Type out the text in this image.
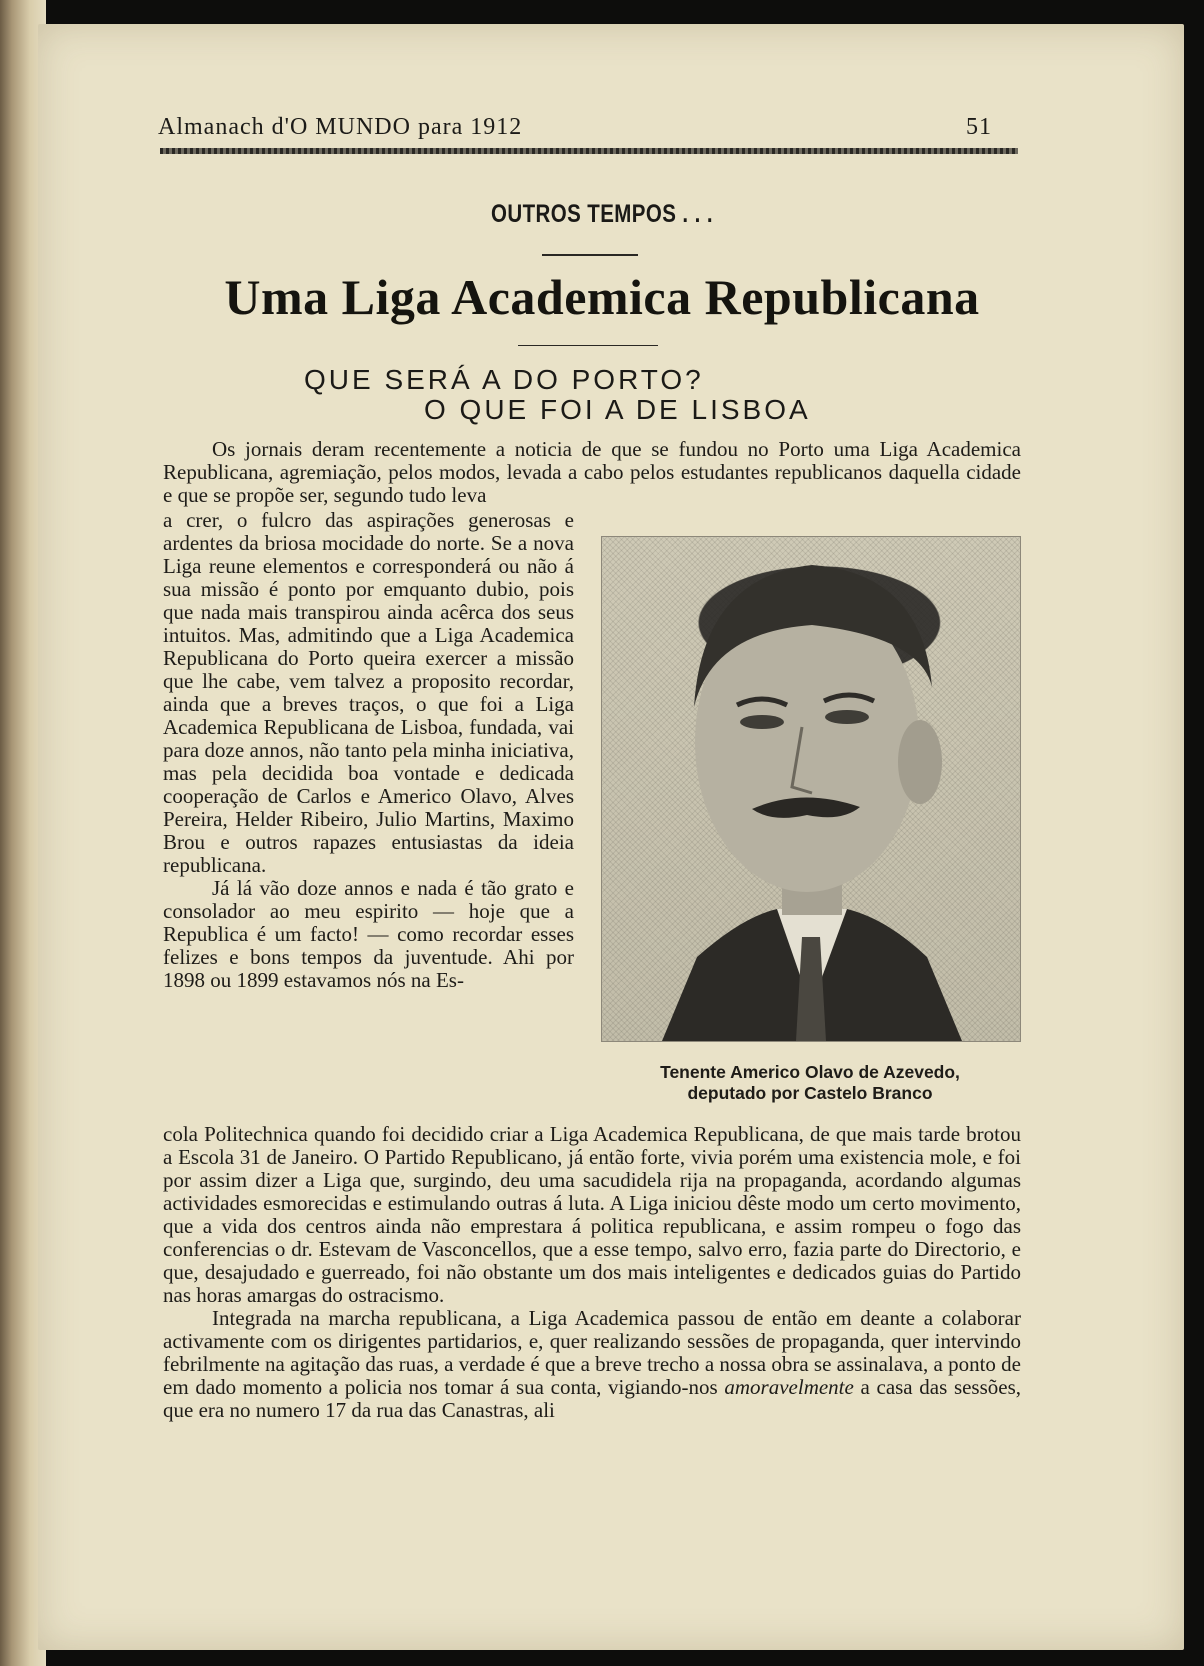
Almanach d'O MUNDO para 1912	51
OUTROS TEMPOS . . .
Uma Liga Academica Republicana
QUE SERÁ A DO PORTO?
O QUE FOI A DE LISBOA

Os jornais deram recentemente a noticia de que se fundou no Porto uma Liga Academica Republicana, agremiação, pelos modos, levada a cabo pelos estudantes republicanos daquella cidade e que se propõe ser, segundo tudo leva

a crer, o fulcro das aspirações generosas e ardentes da briosa mocidade do norte. Se a nova Liga reune elementos e corresponderá ou não á sua missão é ponto por emquanto dubio, pois que nada mais transpirou ainda acêrca dos seus intuitos. Mas, admitindo que a Liga Academica Republicana do Porto queira exercer a missão que lhe cabe, vem talvez a proposito recordar, ainda que a breves traços, o que foi a Liga Academica Republicana de Lisboa, fundada, vai para doze annos, não tanto pela minha iniciativa, mas pela decidida boa vontade e dedicada cooperação de Carlos e Americo Olavo, Alves Pereira, Helder Ribeiro, Julio Martins, Maximo Brou e outros rapazes entusiastas da ideia republicana.

Já lá vão doze annos e nada é tão grato e consolador ao meu espirito — hoje que a Republica é um facto! — como recordar esses felizes e bons tempos da juventude. Ahi por 1898 ou 1899 estavamos nós na Es-

Tenente Americo Olavo de Azevedo,
deputado por Castelo Branco

cola Politechnica quando foi decidido criar a Liga Academica Republicana, de que mais tarde brotou a Escola 31 de Janeiro. O Partido Republicano, já então forte, vivia porém uma existencia mole, e foi por assim dizer a Liga que, surgindo, deu uma sacudidela rija na propaganda, acordando algumas actividades esmorecidas e estimulando outras á luta. A Liga iniciou dêste modo um certo movimento, que a vida dos centros ainda não emprestara á politica republicana, e assim rompeu o fogo das conferencias o dr. Estevam de Vasconcellos, que a esse tempo, salvo erro, fazia parte do Directorio, e que, desajudado e guerreado, foi não obstante um dos mais inteligentes e dedicados guias do Partido nas horas amargas do ostracismo.

Integrada na marcha republicana, a Liga Academica passou de então em deante a colaborar activamente com os dirigentes partidarios, e, quer realizando sessões de propaganda, quer intervindo febrilmente na agitação das ruas, a verdade é que a breve trecho a nossa obra se assinalava, a ponto de em dado momento a policia nos tomar á sua conta, vigiando-nos amoravelmente a casa das sessões, que era no numero 17 da rua das Canastras, ali
